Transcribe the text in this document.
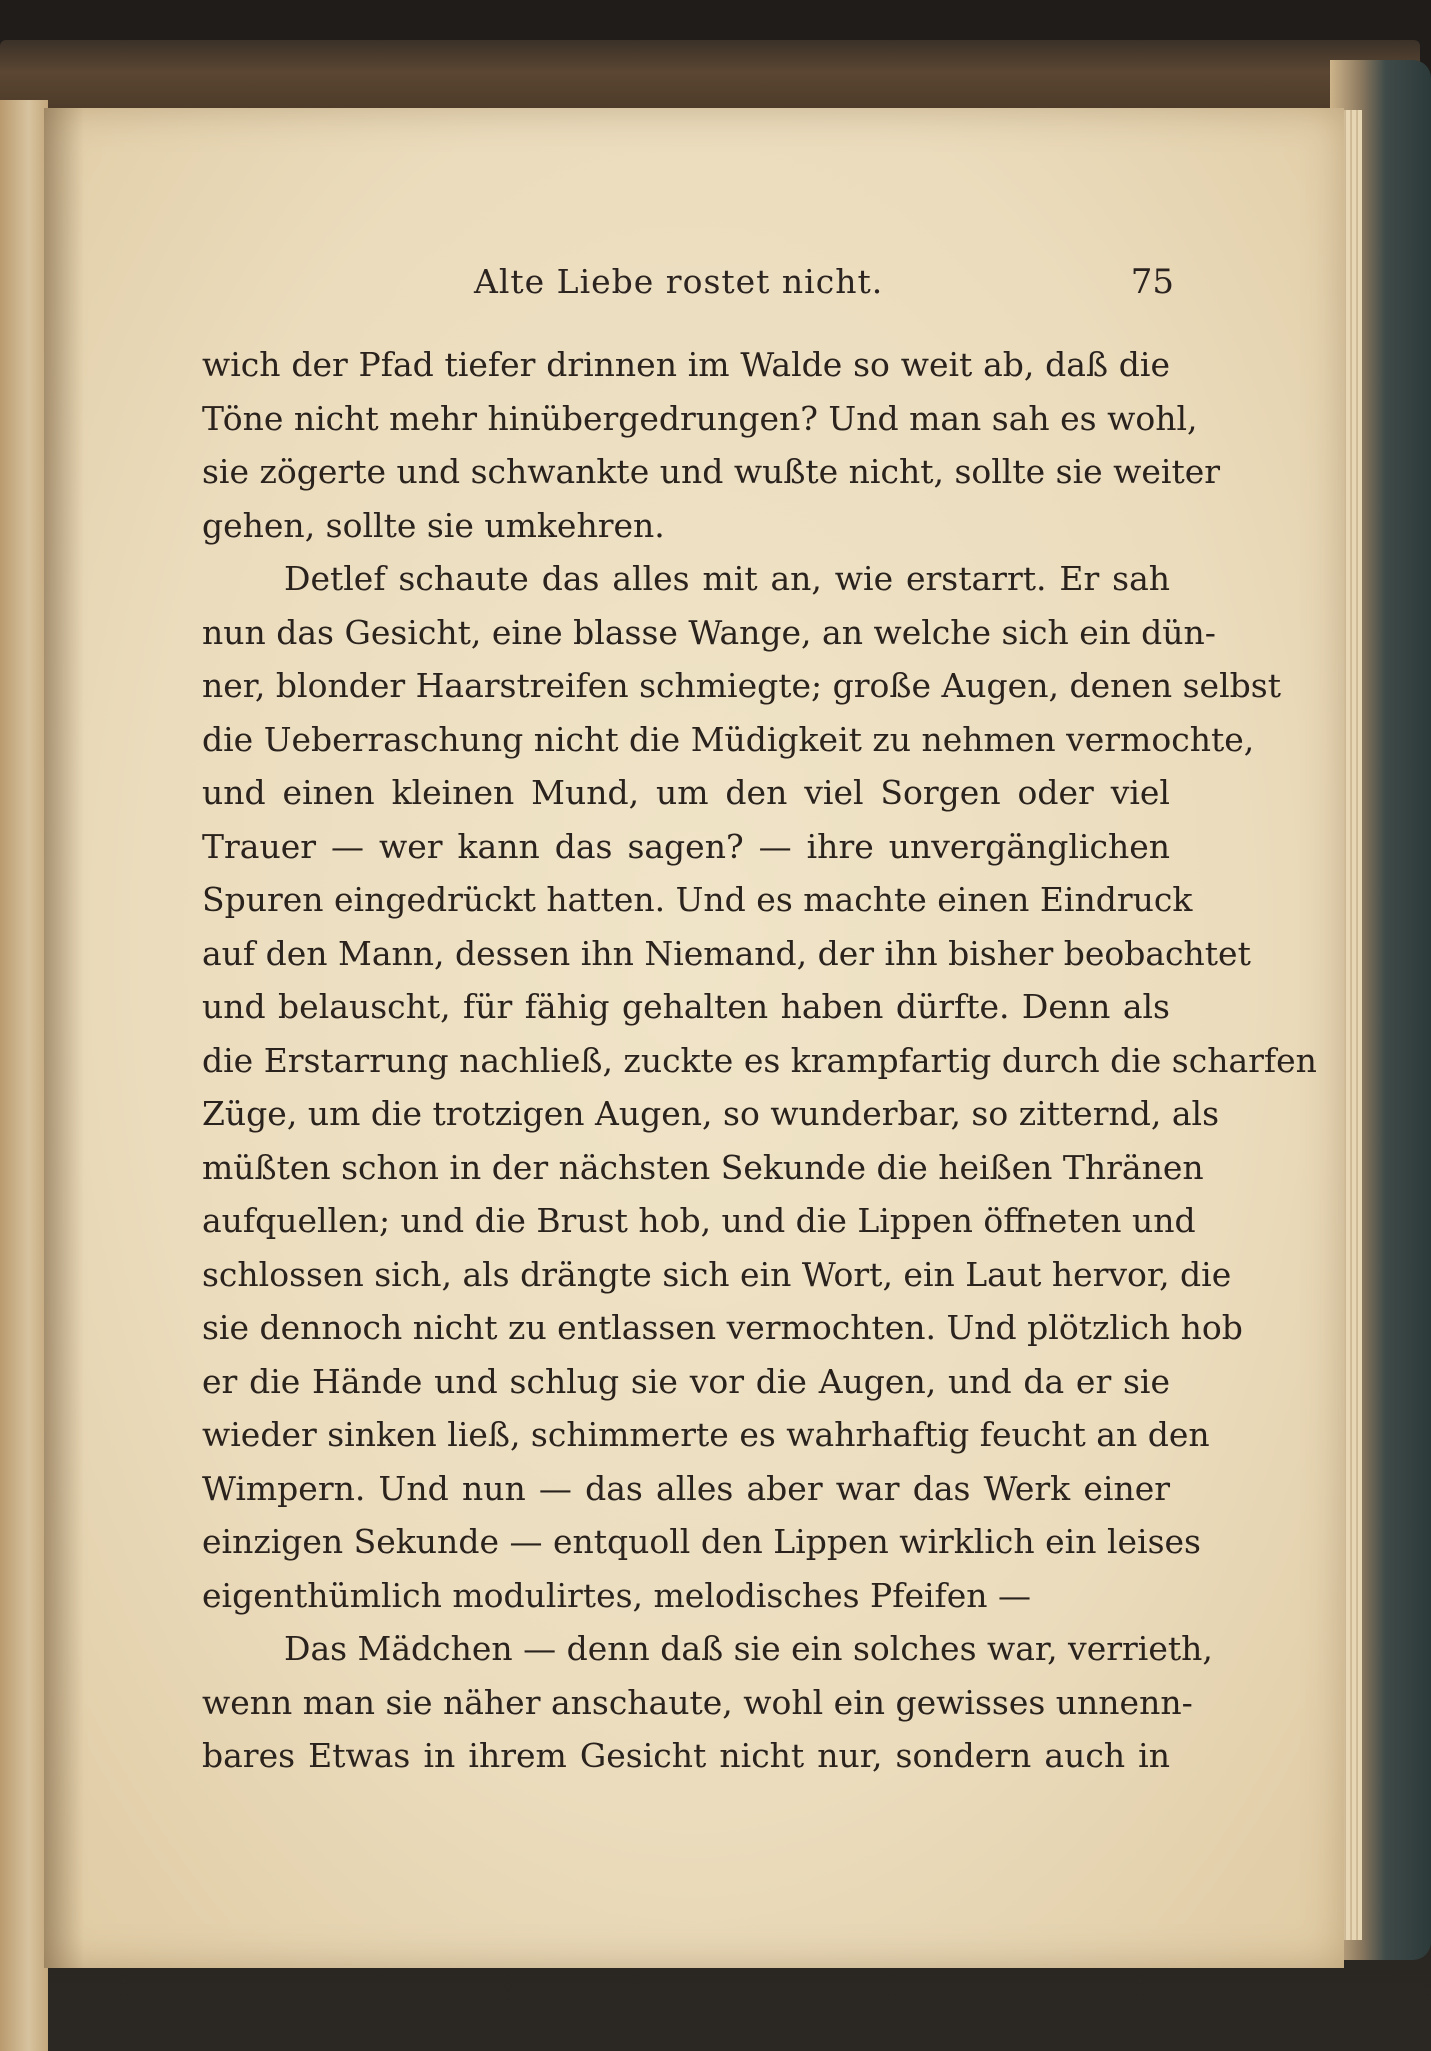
Alte Liebe rostet nicht.	75
wich der Pfad tiefer drinnen im Walde so weit ab, daß die
Töne nicht mehr hinübergedrungen? Und man sah es wohl,
sie zögerte und schwankte und wußte nicht, sollte sie weiter
gehen, sollte sie umkehren.
Detlef schaute das alles mit an, wie erstarrt. Er sah
nun das Gesicht, eine blasse Wange, an welche sich ein dün-
ner, blonder Haarstreifen schmiegte; große Augen, denen selbst
die Ueberraschung nicht die Müdigkeit zu nehmen vermochte,
und einen kleinen Mund, um den viel Sorgen oder viel
Trauer — wer kann das sagen? — ihre unvergänglichen
Spuren eingedrückt hatten. Und es machte einen Eindruck
auf den Mann, dessen ihn Niemand, der ihn bisher beobachtet
und belauscht, für fähig gehalten haben dürfte. Denn als
die Erstarrung nachließ, zuckte es krampfartig durch die scharfen
Züge, um die trotzigen Augen, so wunderbar, so zitternd, als
müßten schon in der nächsten Sekunde die heißen Thränen
aufquellen; und die Brust hob, und die Lippen öffneten und
schlossen sich, als drängte sich ein Wort, ein Laut hervor, die
sie dennoch nicht zu entlassen vermochten. Und plötzlich hob
er die Hände und schlug sie vor die Augen, und da er sie
wieder sinken ließ, schimmerte es wahrhaftig feucht an den
Wimpern. Und nun — das alles aber war das Werk einer
einzigen Sekunde — entquoll den Lippen wirklich ein leises
eigenthümlich modulirtes, melodisches Pfeifen —
Das Mädchen — denn daß sie ein solches war, verrieth,
wenn man sie näher anschaute, wohl ein gewisses unnenn-
bares Etwas in ihrem Gesicht nicht nur, sondern auch in
